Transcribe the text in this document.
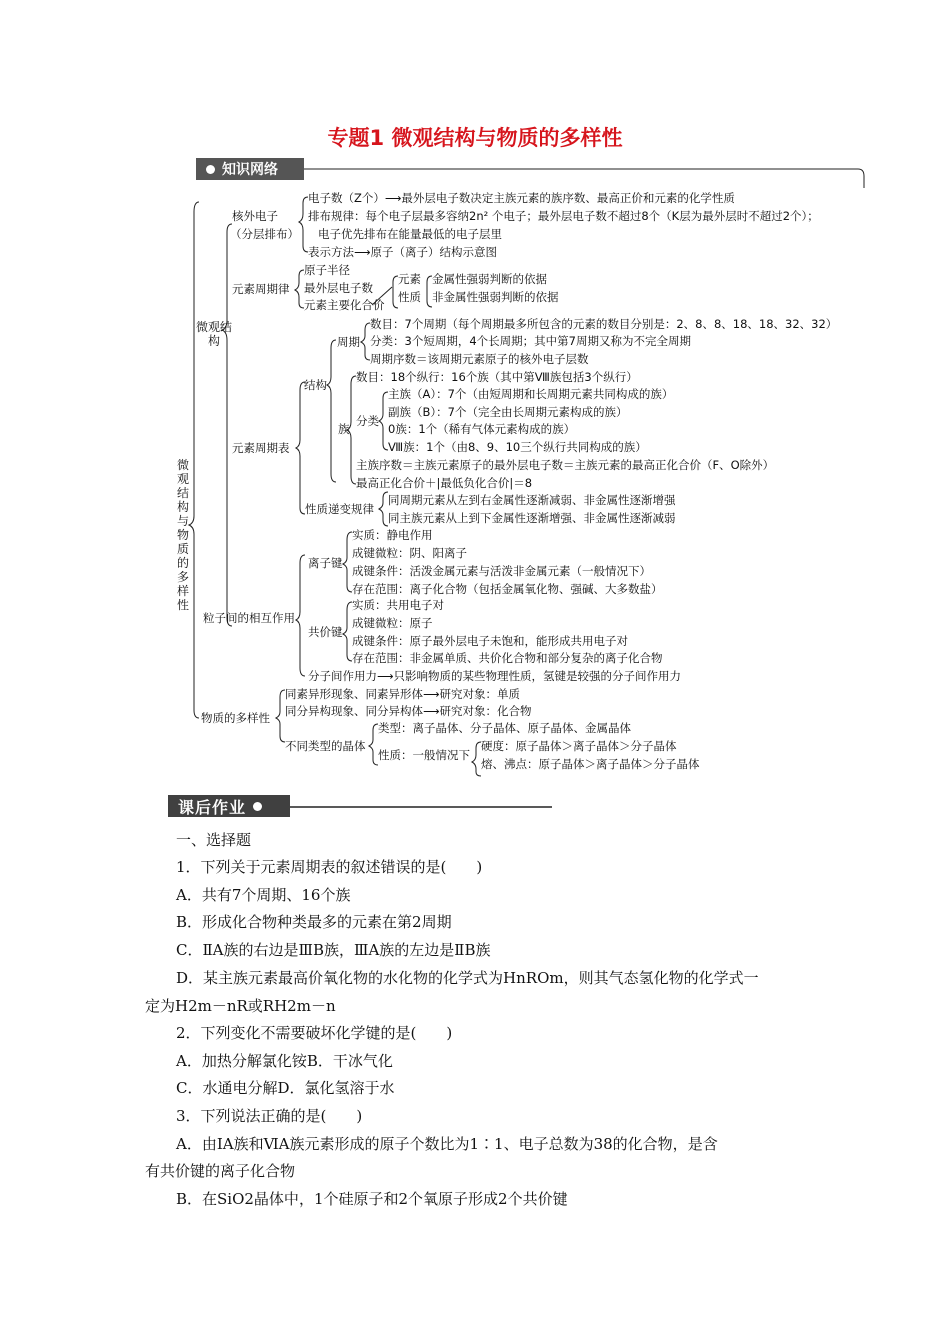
专题1 微观结构与物质的多样性
知识网络
微观结构与物质的多样性
微观结构
核外电子
（分层排布）
电子数（Z个）⟶最外层电子数决定主族元素的族序数、最高正价和元素的化学性质
排布规律：每个电子层最多容纳2n² 个电子；最外层电子数不超过8个（K层为最外层时不超过2个）；
电子优先排布在能量最低的电子层里
表示方法⟶原子（离子）结构示意图
元素周期律
原子半径
最外层电子数
元素主要化合价
元素
性质
金属性强弱判断的依据
非金属性强弱判断的依据
元素周期表
结构
周期
族
分类
数目：7个周期（每个周期最多所包含的元素的数目分别是：2、8、8、18、18、32、32）
分类：3个短周期，4个长周期；其中第7周期又称为不完全周期
周期序数＝该周期元素原子的核外电子层数
数目：18个纵行：16个族（其中第Ⅷ族包括3个纵行）
主族（A）：7个（由短周期和长周期元素共同构成的族）
副族（B）：7个（完全由长周期元素构成的族）
0族：1个（稀有气体元素构成的族）
Ⅷ族：1个（由8、9、10三个纵行共同构成的族）
主族序数＝主族元素原子的最外层电子数＝主族元素的最高正化合价（F、O除外）
最高正化合价＋|最低负化合价|＝8
性质递变规律
同周期元素从左到右金属性逐渐减弱、非金属性逐渐增强
同主族元素从上到下金属性逐渐增强、非金属性逐渐减弱
粒子间的相互作用
离子键
实质：静电作用
成键微粒：阴、阳离子
成键条件：活泼金属元素与活泼非金属元素（一般情况下）
存在范围：离子化合物（包括金属氧化物、强碱、大多数盐）
共价键
实质：共用电子对
成键微粒：原子
成键条件：原子最外层电子未饱和，能形成共用电子对
存在范围：非金属单质、共价化合物和部分复杂的离子化合物
分子间作用力⟶只影响物质的某些物理性质，氢键是较强的分子间作用力
物质的多样性
同素异形现象、同素异形体⟶研究对象：单质
同分异构现象、同分异构体⟶研究对象：化合物
不同类型的晶体
类型：离子晶体、分子晶体、原子晶体、金属晶体
性质：一般情况下
硬度：原子晶体＞离子晶体＞分子晶体
熔、沸点：原子晶体＞离子晶体＞分子晶体
课后作业
一、选择题
1．下列关于元素周期表的叙述错误的是(　　)
A．共有7个周期、16个族
B．形成化合物种类最多的元素在第2周期
C．ⅡA族的右边是ⅢB族，ⅢA族的左边是ⅡB族
D．某主族元素最高价氧化物的水化物的化学式为HnROm，则其气态氢化物的化学式一
定为H2m－nR或RH2m－n
2．下列变化不需要破坏化学键的是(　　)
A．加热分解氯化铵B．干冰气化
C．水通电分解D．氯化氢溶于水
3．下列说法正确的是(　　)
A．由ⅠA族和ⅥA族元素形成的原子个数比为1∶1、电子总数为38的化合物，是含
有共价键的离子化合物
B．在SiO2晶体中，1个硅原子和2个氧原子形成2个共价键
